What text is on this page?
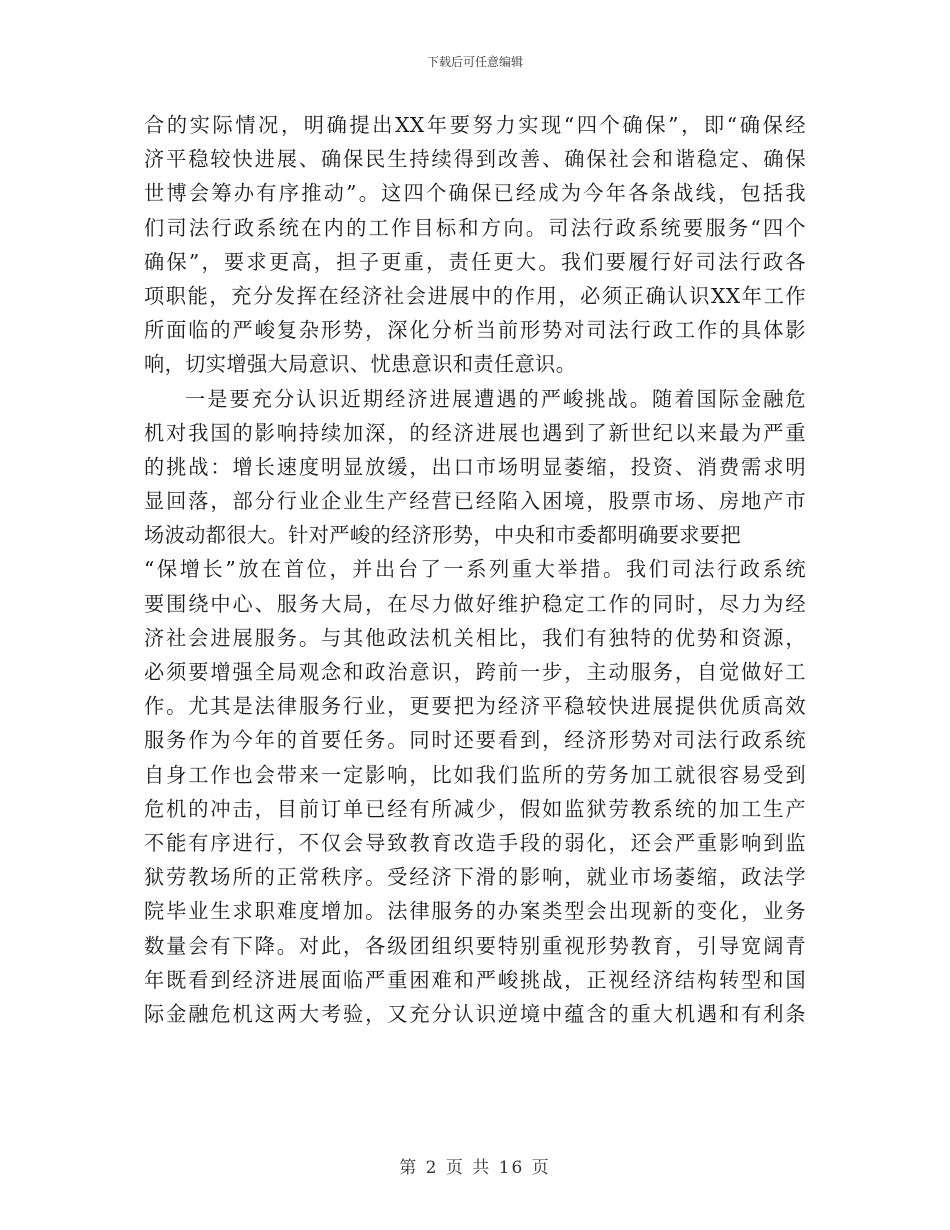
下载后可任意编辑
合的实际情况，明确提出XX年要努力实现“四个确保”，即“确保经
济平稳较快进展、确保民生持续得到改善、确保社会和谐稳定、确保
世博会筹办有序推动”。这四个确保已经成为今年各条战线，包括我
们司法行政系统在内的工作目标和方向。司法行政系统要服务“四个
确保”，要求更高，担子更重，责任更大。我们要履行好司法行政各
项职能，充分发挥在经济社会进展中的作用，必须正确认识XX年工作
所面临的严峻复杂形势，深化分析当前形势对司法行政工作的具体影
响，切实增强大局意识、忧患意识和责任意识。
一是要充分认识近期经济进展遭遇的严峻挑战。随着国际金融危
机对我国的影响持续加深，的经济进展也遇到了新世纪以来最为严重
的挑战：增长速度明显放缓，出口市场明显萎缩，投资、消费需求明
显回落，部分行业企业生产经营已经陷入困境，股票市场、房地产市
场波动都很大。针对严峻的经济形势，中央和市委都明确要求要把
“保增长”放在首位，并出台了一系列重大举措。我们司法行政系统
要围绕中心、服务大局，在尽力做好维护稳定工作的同时，尽力为经
济社会进展服务。与其他政法机关相比，我们有独特的优势和资源，
必须要增强全局观念和政治意识，跨前一步，主动服务，自觉做好工
作。尤其是法律服务行业，更要把为经济平稳较快进展提供优质高效
服务作为今年的首要任务。同时还要看到，经济形势对司法行政系统
自身工作也会带来一定影响，比如我们监所的劳务加工就很容易受到
危机的冲击，目前订单已经有所减少，假如监狱劳教系统的加工生产
不能有序进行，不仅会导致教育改造手段的弱化，还会严重影响到监
狱劳教场所的正常秩序。受经济下滑的影响，就业市场萎缩，政法学
院毕业生求职难度增加。法律服务的办案类型会出现新的变化，业务
数量会有下降。对此，各级团组织要特别重视形势教育，引导宽阔青
年既看到经济进展面临严重困难和严峻挑战，正视经济结构转型和国
际金融危机这两大考验，又充分认识逆境中蕴含的重大机遇和有利条
第 2 页 共 16 页
